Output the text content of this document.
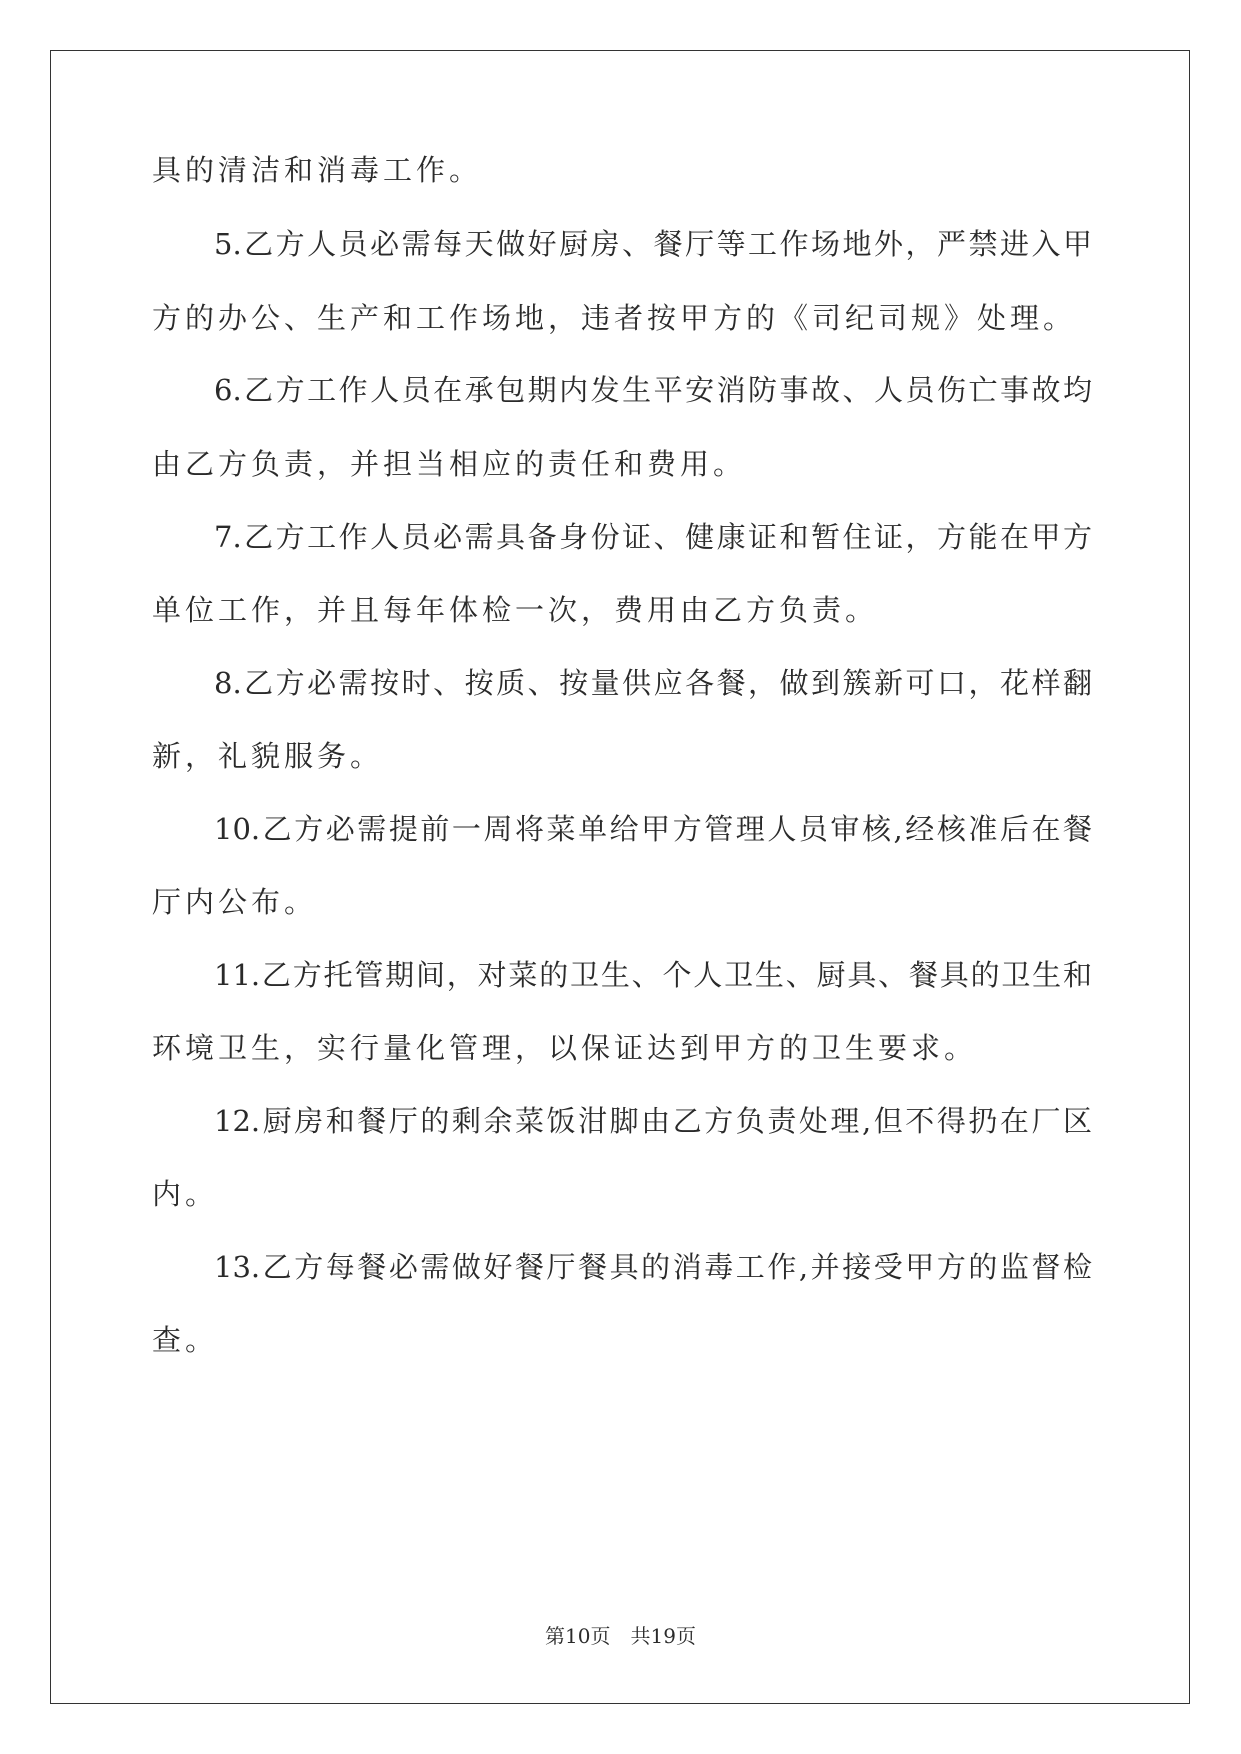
具的清洁和消毒工作。
5.乙方人员必需每天做好厨房、餐厅等工作场地外，严禁进入甲
方的办公、生产和工作场地，违者按甲方的《司纪司规》处理。
6.乙方工作人员在承包期内发生平安消防事故、人员伤亡事故均
由乙方负责，并担当相应的责任和费用。
7.乙方工作人员必需具备身份证、健康证和暂住证，方能在甲方
单位工作，并且每年体检一次，费用由乙方负责。
8.乙方必需按时、按质、按量供应各餐，做到簇新可口，花样翻
新，礼貌服务。
10.乙方必需提前一周将菜单给甲方管理人员审核,经核准后在餐
厅内公布。
11.乙方托管期间，对菜的卫生、个人卫生、厨具、餐具的卫生和
环境卫生，实行量化管理，以保证达到甲方的卫生要求。
12.厨房和餐厅的剩余菜饭泔脚由乙方负责处理,但不得扔在厂区
内。
13.乙方每餐必需做好餐厅餐具的消毒工作,并接受甲方的监督检
查。
第10页　共19页
